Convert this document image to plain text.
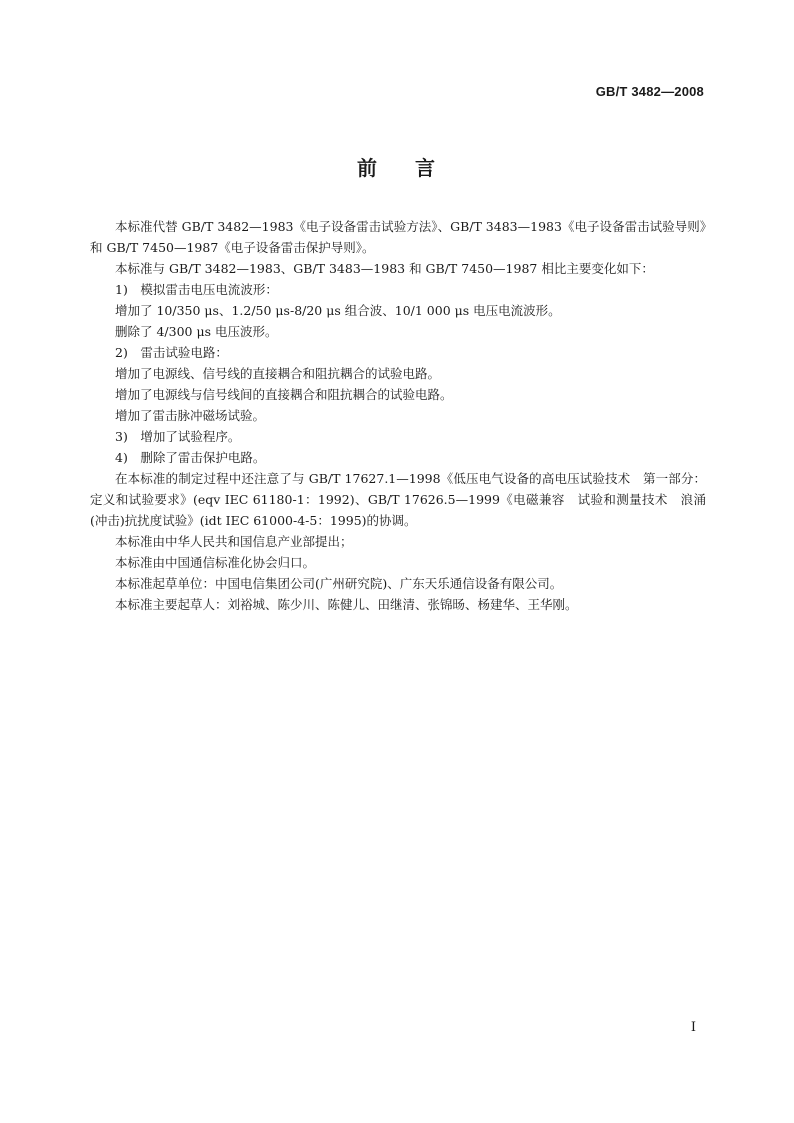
GB/T 3482—2008
前 言

本标准代替 GB/T 3482—1983《电子设备雷击试验方法》、GB/T 3483—1983《电子设备雷击试验导则》和 GB/T 7450—1987《电子设备雷击保护导则》。

本标准与 GB/T 3482—1983、GB/T 3483—1983 和 GB/T 7450—1987 相比主要变化如下：

1)　模拟雷击电压电流波形：

增加了 10/350 μs、1.2/50 μs-8/20 μs 组合波、10/1 000 μs 电压电流波形。

删除了 4/300 μs 电压波形。

2)　雷击试验电路：

增加了电源线、信号线的直接耦合和阻抗耦合的试验电路。

增加了电源线与信号线间的直接耦合和阻抗耦合的试验电路。

增加了雷击脉冲磁场试验。

3)　增加了试验程序。

4)　删除了雷击保护电路。

在本标准的制定过程中还注意了与 GB/T 17627.1—1998《低压电气设备的高电压试验技术　第一部分：定义和试验要求》(eqv IEC 61180-1：1992)、GB/T 17626.5—1999《电磁兼容　试验和测量技术　浪涌(冲击)抗扰度试验》(idt IEC 61000-4-5：1995)的协调。

本标准由中华人民共和国信息产业部提出；

本标准由中国通信标准化协会归口。

本标准起草单位：中国电信集团公司(广州研究院)、广东天乐通信设备有限公司。

本标准主要起草人：刘裕城、陈少川、陈健儿、田继清、张锦旸、杨建华、王华刚。

I
